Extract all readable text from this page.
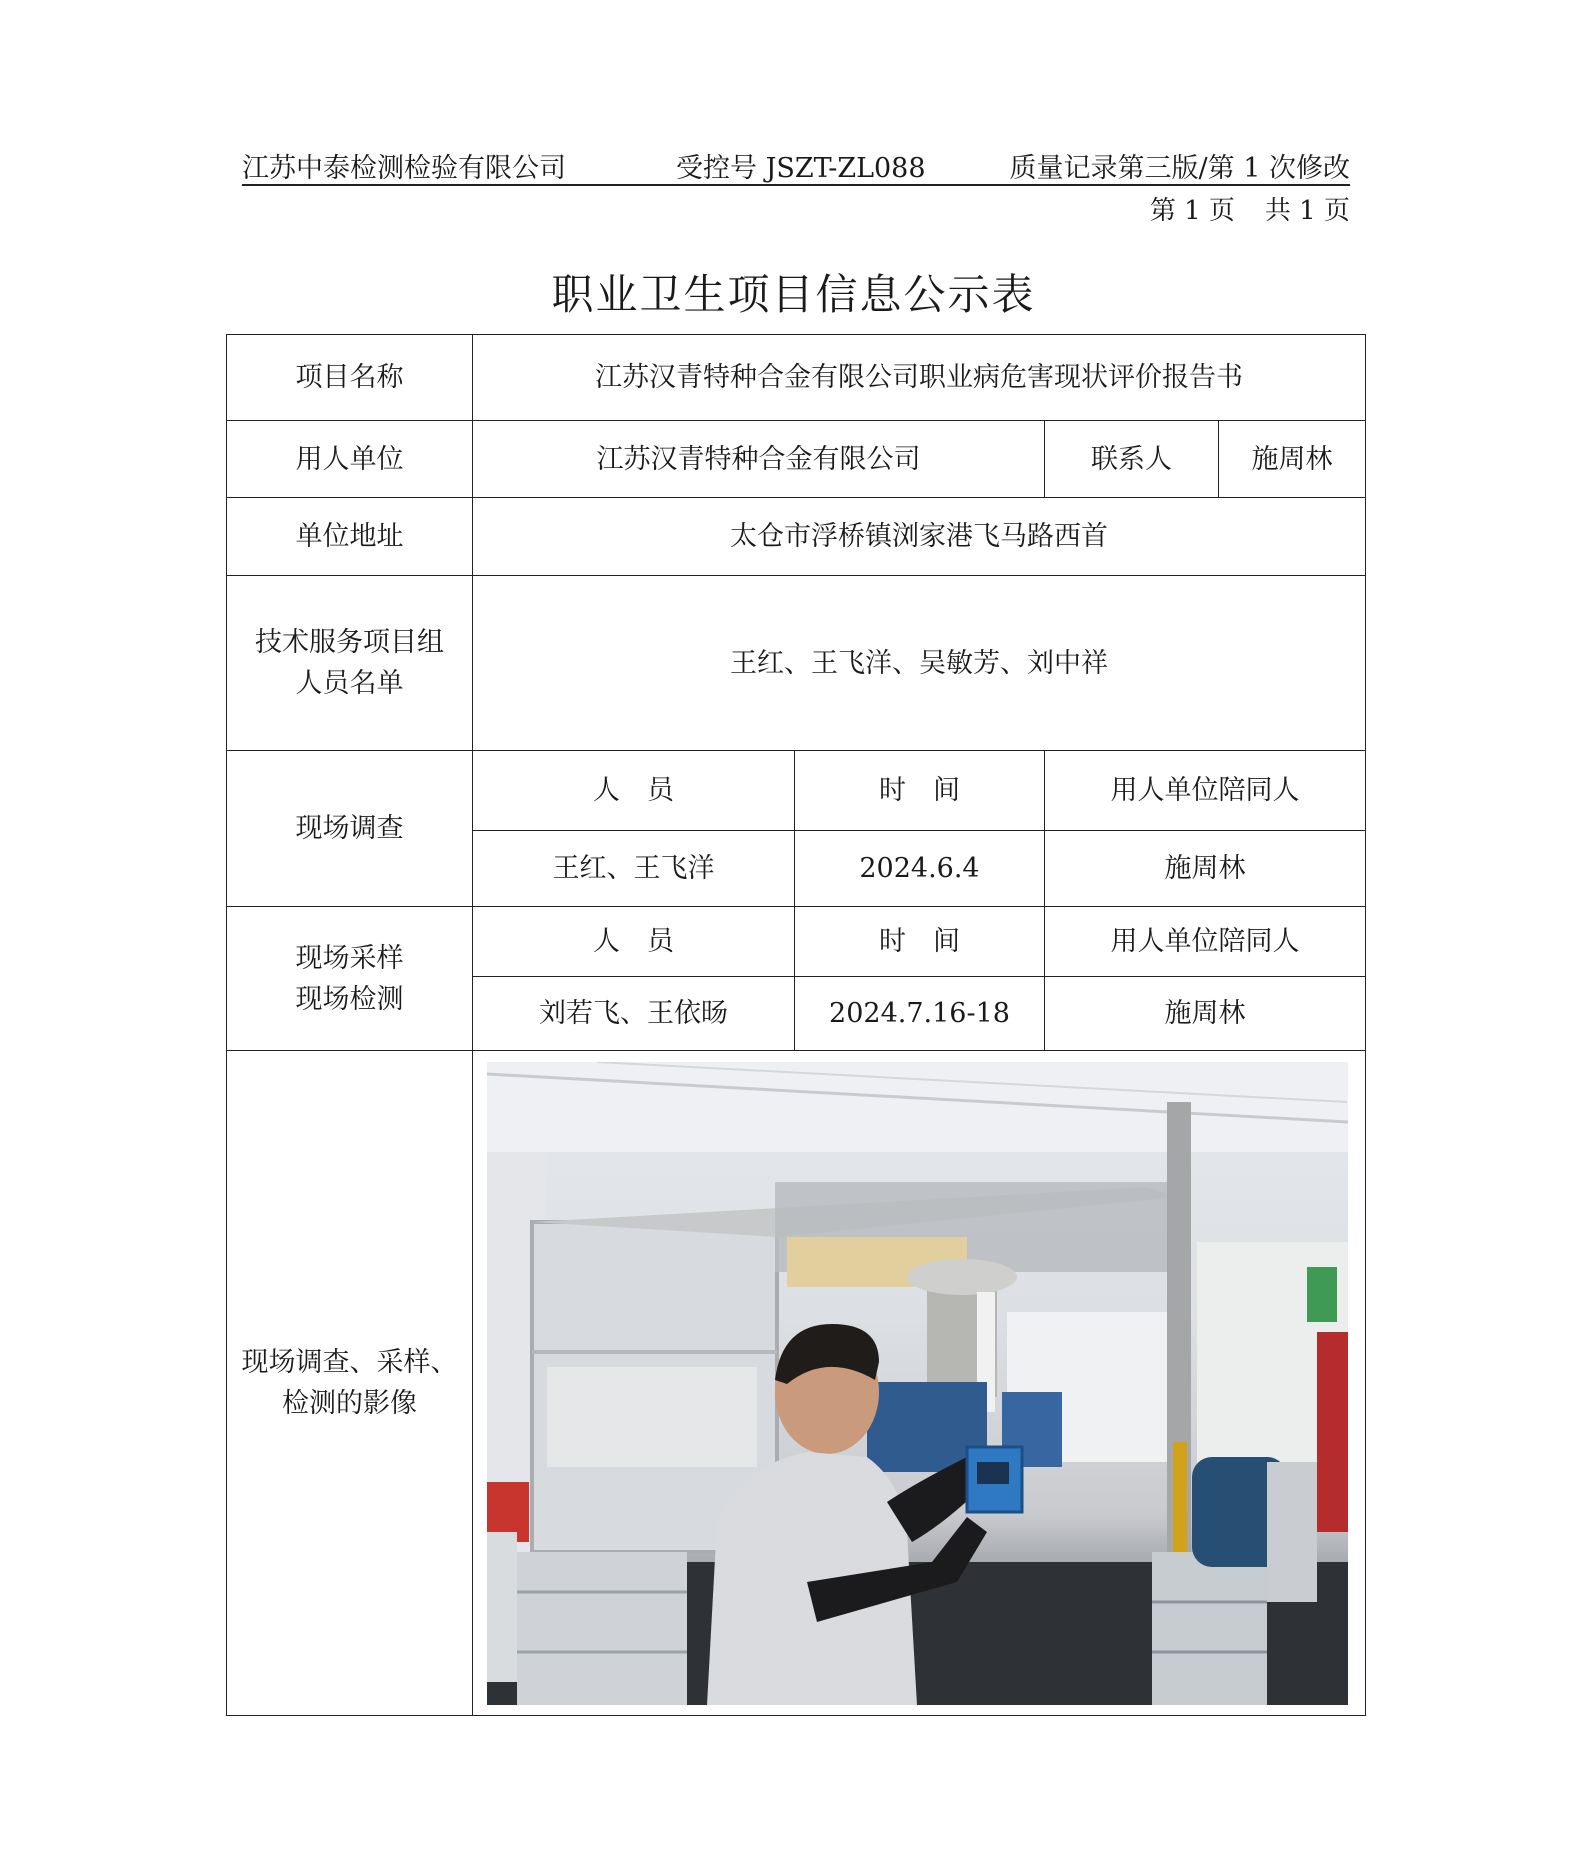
江苏中泰检测检验有限公司	受控号 JSZT-ZL088	质量记录第三版/第 1 次修改
第 1 页 共 1 页
职业卫生项目信息公示表
项目名称	江苏汉青特种合金有限公司职业病危害现状评价报告书			
用人单位	江苏汉青特种合金有限公司		联系人	施周林
单位地址	太仓市浮桥镇浏家港飞马路西首			

技术服务项目组
人员名单	王红、王飞洋、吴敏芳、刘中祥			
现场调查	人　员	时　间	用人单位陪同人	
	王红、王飞洋	2024.6.4	施周林	

现场采样
现场检测	人　员	时　间	用人单位陪同人	
	刘若飞、王依旸	2024.7.16-18	施周林	

现场调查、采样、
检测的影像
